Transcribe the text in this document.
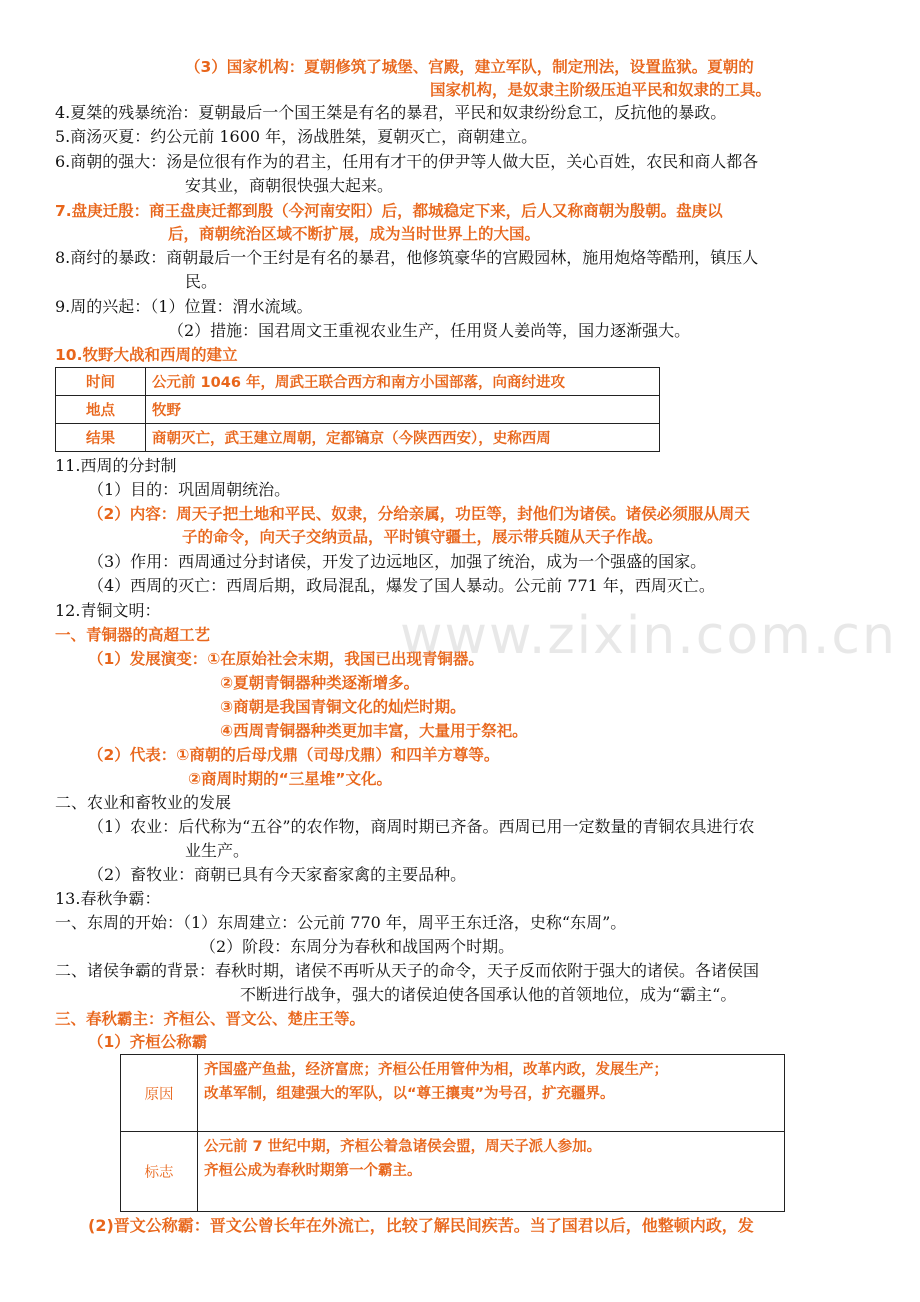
（3）国家机构：夏朝修筑了城堡、宫殿，建立军队，制定刑法，设置监狱。夏朝的
国家机构，是奴隶主阶级压迫平民和奴隶的工具。
4.夏桀的残暴统治：夏朝最后一个国王桀是有名的暴君，平民和奴隶纷纷怠工，反抗他的暴政。
5.商汤灭夏：约公元前 1600 年，汤战胜桀，夏朝灭亡，商朝建立。
6.商朝的强大：汤是位很有作为的君主，任用有才干的伊尹等人做大臣，关心百姓，农民和商人都各
安其业，商朝很快强大起来。
7.盘庚迁殷：商王盘庚迁都到殷（今河南安阳）后，都城稳定下来，后人又称商朝为殷朝。盘庚以
后，商朝统治区域不断扩展，成为当时世界上的大国。
8.商纣的暴政：商朝最后一个王纣是有名的暴君，他修筑豪华的宫殿园林，施用炮烙等酷刑，镇压人
民。
9.周的兴起：（1）位置：渭水流域。
（2）措施：国君周文王重视农业生产，任用贤人姜尚等，国力逐渐强大。
10.牧野大战和西周的建立
时间	公元前 1046 年，周武王联合西方和南方小国部落，向商纣进攻
地点	牧野
结果	商朝灭亡，武王建立周朝，定都镐京（今陕西西安），史称西周
11.西周的分封制
（1）目的：巩固周朝统治。
（2）内容：周天子把土地和平民、奴隶，分给亲属，功臣等，封他们为诸侯。诸侯必须服从周天
子的命令，向天子交纳贡品，平时镇守疆土，展示带兵随从天子作战。
（3）作用：西周通过分封诸侯，开发了边远地区，加强了统治，成为一个强盛的国家。
（4）西周的灭亡：西周后期，政局混乱，爆发了国人暴动。公元前 771 年，西周灭亡。
12.青铜文明：
一、青铜器的高超工艺
（1）发展演变：①在原始社会末期，我国已出现青铜器。
②夏朝青铜器种类逐渐增多。
③商朝是我国青铜文化的灿烂时期。
④西周青铜器种类更加丰富，大量用于祭祀。
（2）代表：①商朝的后母戊鼎（司母戊鼎）和四羊方尊等。
②商周时期的“三星堆”文化。
二、农业和畜牧业的发展
（1）农业：后代称为“五谷”的农作物，商周时期已齐备。西周已用一定数量的青铜农具进行农
业生产。
（2）畜牧业：商朝已具有今天家畜家禽的主要品种。
13.春秋争霸：
一、东周的开始：（1）东周建立：公元前 770 年，周平王东迁洛，史称“东周”。
（2）阶段：东周分为春秋和战国两个时期。
二、诸侯争霸的背景：春秋时期，诸侯不再听从天子的命令，天子反而依附于强大的诸侯。各诸侯国
不断进行战争，强大的诸侯迫使各国承认他的首领地位，成为“霸主“。
三、春秋霸主：齐桓公、晋文公、楚庄王等。
（1）齐桓公称霸
原因	齐国盛产鱼盐，经济富庶；齐桓公任用管仲为相，改革内政，发展生产；
改革军制，组建强大的军队，以“尊王攘夷”为号召，扩充疆界。

标志	公元前 7 世纪中期，齐桓公着急诸侯会盟，周天子派人参加。
齐桓公成为春秋时期第一个霸主。
(2)晋文公称霸：晋文公曾长年在外流亡，比较了解民间疾苦。当了国君以后，他整顿内政，发
www.zixin.com.cn
